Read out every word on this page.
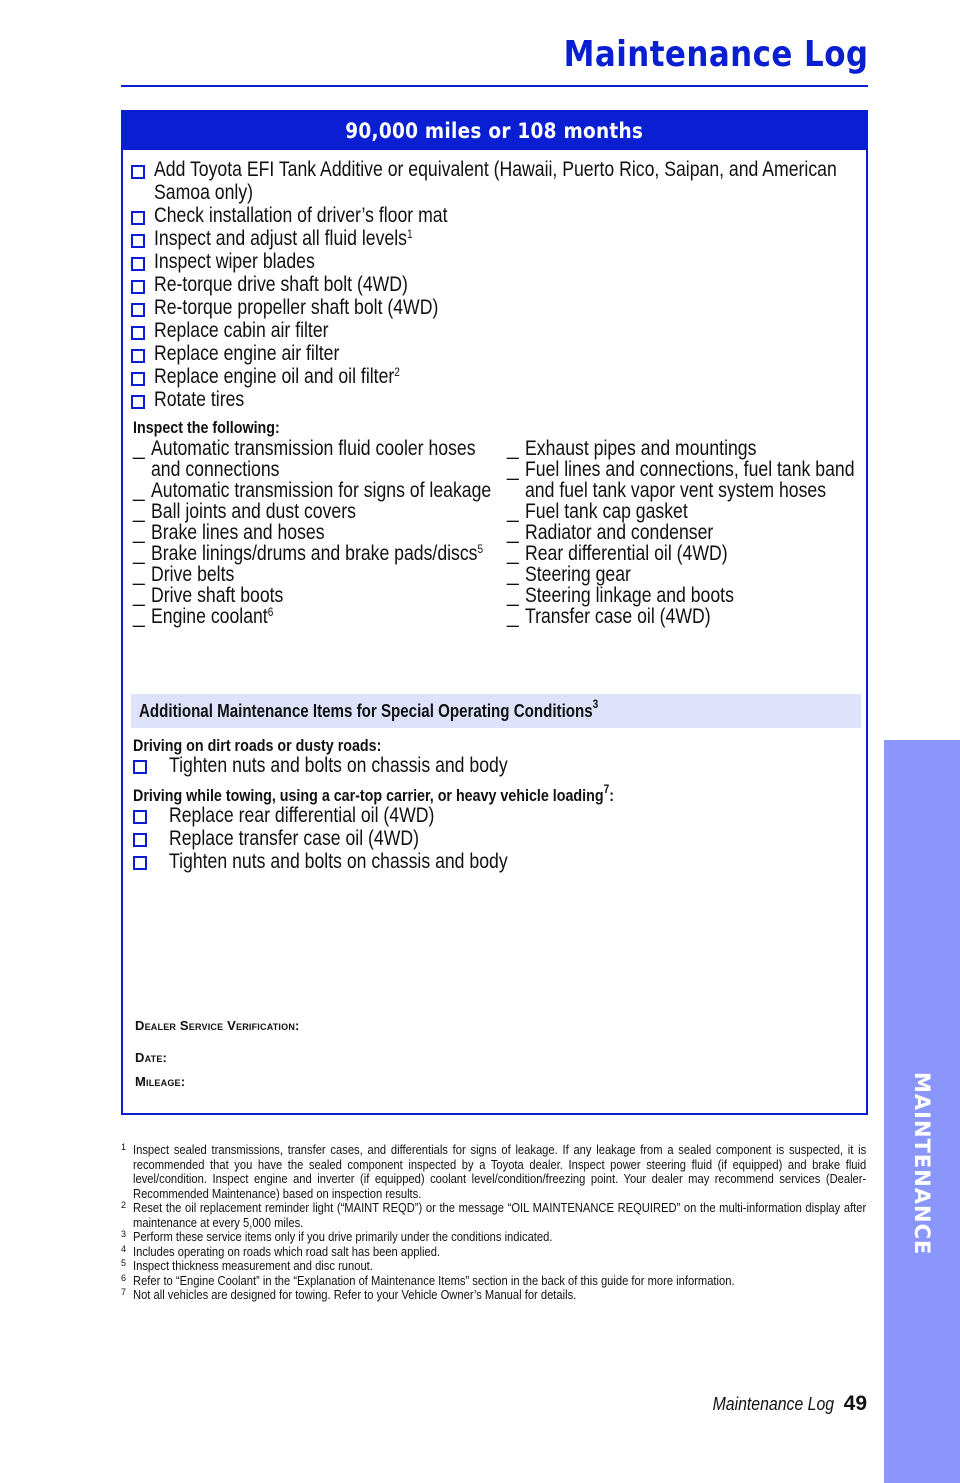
Maintenance Log
MAINTENANCE
90,000 miles or 108 months
Add Toyota EFI Tank Additive or equivalent (Hawaii, Puerto Rico, Saipan, and American Samoa only)
Check installation of driver’s floor mat
Inspect and adjust all fluid levels$^1$
Inspect wiper blades
Re-torque drive shaft bolt (4WD)
Re-torque propeller shaft bolt (4WD)
Replace cabin air filter
Replace engine air filter
Replace engine oil and oil filter$^2$
Rotate tires
Inspect the following:
_ Automatic transmission fluid cooler hoses and connections
_ Automatic transmission for signs of leakage
_ Ball joints and dust covers
_ Brake lines and hoses
_ Brake linings/drums and brake pads/discs$^5$
_ Drive belts
_ Drive shaft boots
_ Engine coolant$^6$
_ Exhaust pipes and mountings
_ Fuel lines and connections, fuel tank band and fuel tank vapor vent system hoses
_ Fuel tank cap gasket
_ Radiator and condenser
_ Rear differential oil (4WD)
_ Steering gear
_ Steering linkage and boots
_ Transfer case oil (4WD)
Additional Maintenance Items for Special Operating Conditions$^3$
Driving on dirt roads or dusty roads:
Tighten nuts and bolts on chassis and body
Driving while towing, using a car-top carrier, or heavy vehicle loading$^7$:
Replace rear differential oil (4WD)
Replace transfer case oil (4WD)
Tighten nuts and bolts on chassis and body
Dealer Service Verification:
Date:
Mileage:
1 Inspect sealed transmissions, transfer cases, and differentials for signs of leakage. If any leakage from a sealed component is suspected, it is recommended that you have the sealed component inspected by a Toyota dealer. Inspect power steering fluid (if equipped) and brake fluid level/condition. Inspect engine and inverter (if equipped) coolant level/condition/freezing point. Your dealer may recommend services (Dealer-Recommended Maintenance) based on inspection results.
2 Reset the oil replacement reminder light (“MAINT REQD”) or the message “OIL MAINTENANCE REQUIRED” on the multi-information display after maintenance at every 5,000 miles.
3 Perform these service items only if you drive primarily under the conditions indicated.
4 Includes operating on roads which road salt has been applied.
5 Inspect thickness measurement and disc runout.
6 Refer to “Engine Coolant” in the “Explanation of Maintenance Items” section in the back of this guide for more information.
7 Not all vehicles are designed for towing. Refer to your Vehicle Owner’s Manual for details.
Maintenance Log 49
